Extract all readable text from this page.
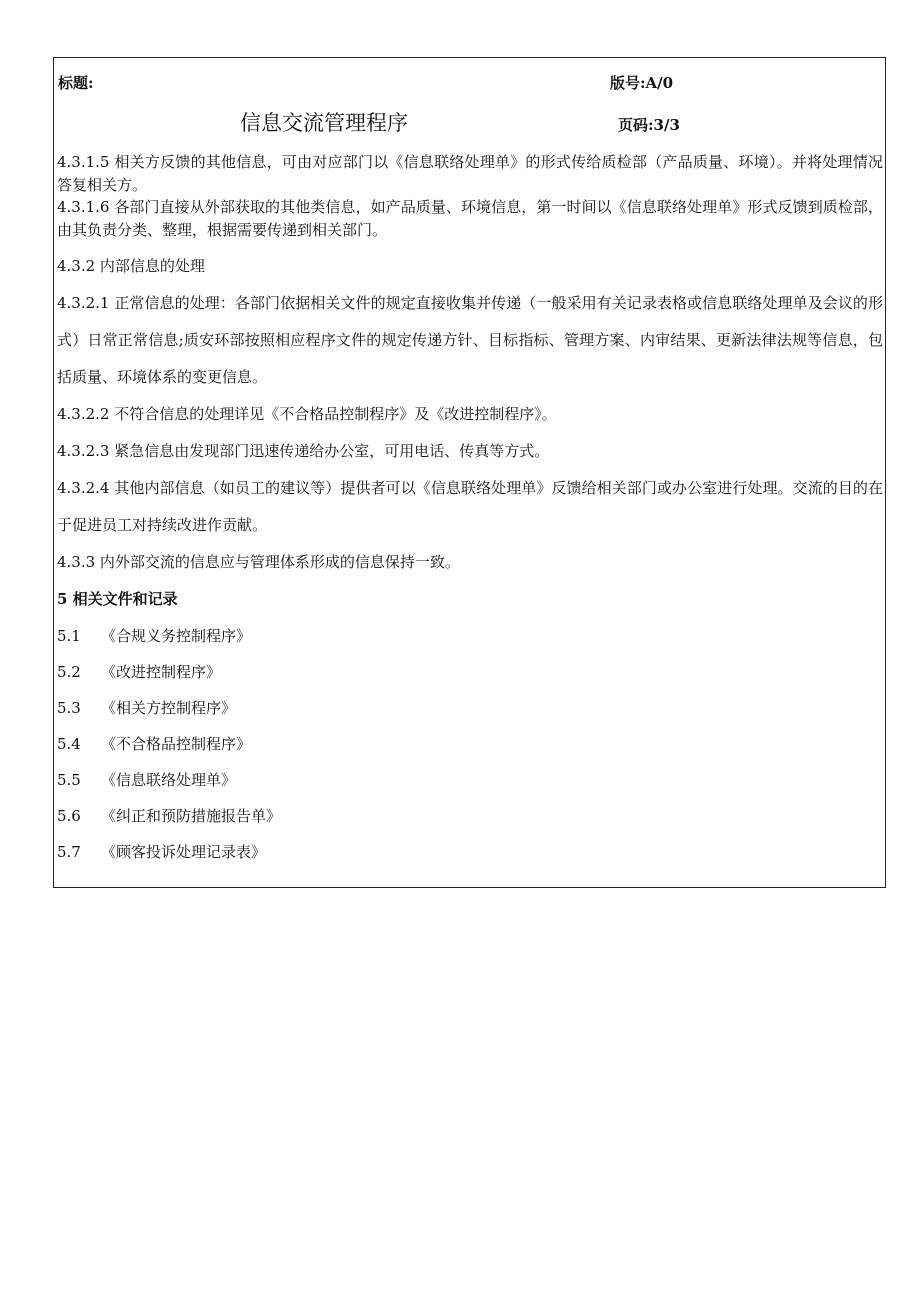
标题:
信息交流管理程序
版号:A/0
页码:3/3
4.3.1.5 相关方反馈的其他信息，可由对应部门以《信息联络处理单》的形式传给质检部（产品质量、环境）。并将处理情况答复相关方。
4.3.1.6 各部门直接从外部获取的其他类信息，如产品质量、环境信息，第一时间以《信息联络处理单》形式反馈到质检部，由其负责分类、整理，根据需要传递到相关部门。
4.3.2 内部信息的处理
4.3.2.1 正常信息的处理：各部门依据相关文件的规定直接收集并传递（一般采用有关记录表格或信息联络处理单及会议的形式）日常正常信息;质安环部按照相应程序文件的规定传递方针、目标指标、管理方案、内审结果、更新法律法规等信息，包括质量、环境体系的变更信息。
4.3.2.2 不符合信息的处理详见《不合格品控制程序》及《改进控制程序》。
4.3.2.3 紧急信息由发现部门迅速传递给办公室，可用电话、传真等方式。
4.3.2.4 其他内部信息（如员工的建议等）提供者可以《信息联络处理单》反馈给相关部门或办公室进行处理。交流的目的在于促进员工对持续改进作贡献。
4.3.3 内外部交流的信息应与管理体系形成的信息保持一致。
5 相关文件和记录
5.1 《合规义务控制程序》
5.2 《改进控制程序》
5.3 《相关方控制程序》
5.4 《不合格品控制程序》
5.5 《信息联络处理单》
5.6 《纠正和预防措施报告单》
5.7 《顾客投诉处理记录表》
